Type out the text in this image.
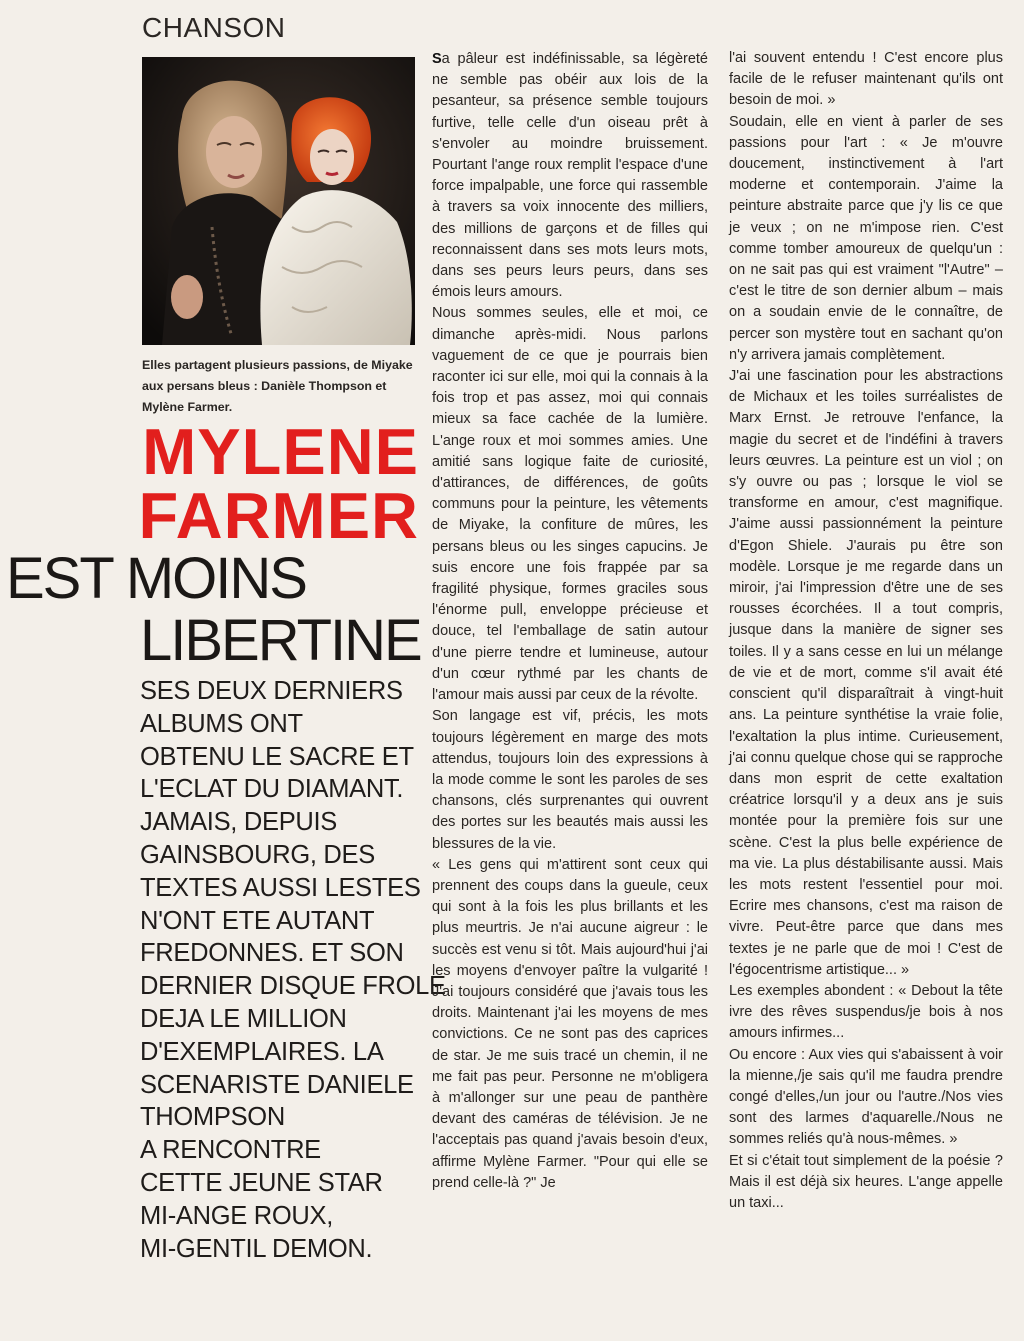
CHANSON
Elles partagent plusieurs passions, de Miyake aux persans bleus : Danièle Thompson et Mylène Farmer.
MYLENE
FARMER
EST MOINS
LIBERTINE
SES DEUX DERNIERS
ALBUMS ONT
OBTENU LE SACRE ET
L'ECLAT DU DIAMANT.
JAMAIS, DEPUIS
GAINSBOURG, DES
TEXTES AUSSI LESTES
N'ONT ETE AUTANT
FREDONNES. ET SON
DERNIER DISQUE FROLE
DEJA LE MILLION
D'EXEMPLAIRES. LA
SCENARISTE DANIELE
THOMPSON
A RENCONTRE
CETTE JEUNE STAR
MI-ANGE ROUX,
MI-GENTIL DEMON.

Sa pâleur est indéfinissable, sa légèreté ne semble pas obéir aux lois de la pesanteur, sa présence semble toujours furtive, telle celle d'un oiseau prêt à s'envoler au moindre bruissement. Pourtant l'ange roux remplit l'espace d'une force impalpable, une force qui rassemble à travers sa voix innocente des milliers, des millions de garçons et de filles qui reconnaissent dans ses mots leurs mots, dans ses peurs leurs peurs, dans ses émois leurs amours.

Nous sommes seules, elle et moi, ce dimanche après-midi. Nous parlons vaguement de ce que je pourrais bien raconter ici sur elle, moi qui la connais à la fois trop et pas assez, moi qui connais mieux sa face cachée de la lumière. L'ange roux et moi sommes amies. Une amitié sans logique faite de curiosité, d'attirances, de différences, de goûts communs pour la peinture, les vêtements de Miyake, la confiture de mûres, les persans bleus ou les singes capucins. Je suis encore une fois frappée par sa fragilité physique, formes graciles sous l'énorme pull, enveloppe précieuse et douce, tel l'emballage de satin autour d'une pierre tendre et lumineuse, autour d'un cœur rythmé par les chants de l'amour mais aussi par ceux de la révolte.

Son langage est vif, précis, les mots toujours légèrement en marge des mots attendus, toujours loin des expressions à la mode comme le sont les paroles de ses chansons, clés surprenantes qui ouvrent des portes sur les beautés mais aussi les blessures de la vie.

« Les gens qui m'attirent sont ceux qui prennent des coups dans la gueule, ceux qui sont à la fois les plus brillants et les plus meurtris. Je n'ai aucune aigreur : le succès est venu si tôt. Mais aujourd'hui j'ai les moyens d'envoyer paître la vulgarité ! J'ai toujours considéré que j'avais tous les droits. Maintenant j'ai les moyens de mes convictions. Ce ne sont pas des caprices de star. Je me suis tracé un chemin, il ne me fait pas peur. Personne ne m'obligera à m'allonger sur une peau de panthère devant des caméras de télévision. Je ne l'acceptais pas quand j'avais besoin d'eux, affirme Mylène Farmer. "Pour qui elle se prend celle-là ?" Je

l'ai souvent entendu ! C'est encore plus facile de le refuser maintenant qu'ils ont besoin de moi. »

Soudain, elle en vient à parler de ses passions pour l'art : « Je m'ouvre doucement, instinctivement à l'art moderne et contemporain. J'aime la peinture abstraite parce que j'y lis ce que je veux ; on ne m'impose rien. C'est comme tomber amoureux de quelqu'un : on ne sait pas qui est vraiment "l'Autre" – c'est le titre de son dernier album – mais on a soudain envie de le connaître, de percer son mystère tout en sachant qu'on n'y arrivera jamais complètement.

J'ai une fascination pour les abstractions de Michaux et les toiles surréalistes de Marx Ernst. Je retrouve l'enfance, la magie du secret et de l'indéfini à travers leurs œuvres. La peinture est un viol ; on s'y ouvre ou pas ; lorsque le viol se transforme en amour, c'est magnifique. J'aime aussi passionnément la peinture d'Egon Shiele. J'aurais pu être son modèle. Lorsque je me regarde dans un miroir, j'ai l'impression d'être une de ses rousses écorchées. Il a tout compris, jusque dans la manière de signer ses toiles. Il y a sans cesse en lui un mélange de vie et de mort, comme s'il avait été conscient qu'il disparaîtrait à vingt-huit ans. La peinture synthétise la vraie folie, l'exaltation la plus intime. Curieusement, j'ai connu quelque chose qui se rapproche dans mon esprit de cette exaltation créatrice lorsqu'il y a deux ans je suis montée pour la première fois sur une scène. C'est la plus belle expérience de ma vie. La plus déstabilisante aussi. Mais les mots restent l'essentiel pour moi. Ecrire mes chansons, c'est ma raison de vivre. Peut-être parce que dans mes textes je ne parle que de moi ! C'est de l'égocentrisme artistique... »

Les exemples abondent : « Debout la tête ivre des rêves suspendus/je bois à nos amours infirmes...

Ou encore : Aux vies qui s'abaissent à voir la mienne,/je sais qu'il me faudra prendre congé d'elles,/un jour ou l'autre./Nos vies sont des larmes d'aquarelle./Nous ne sommes reliés qu'à nous-mêmes. »

Et si c'était tout simplement de la poésie ? Mais il est déjà six heures. L'ange appelle un taxi...
